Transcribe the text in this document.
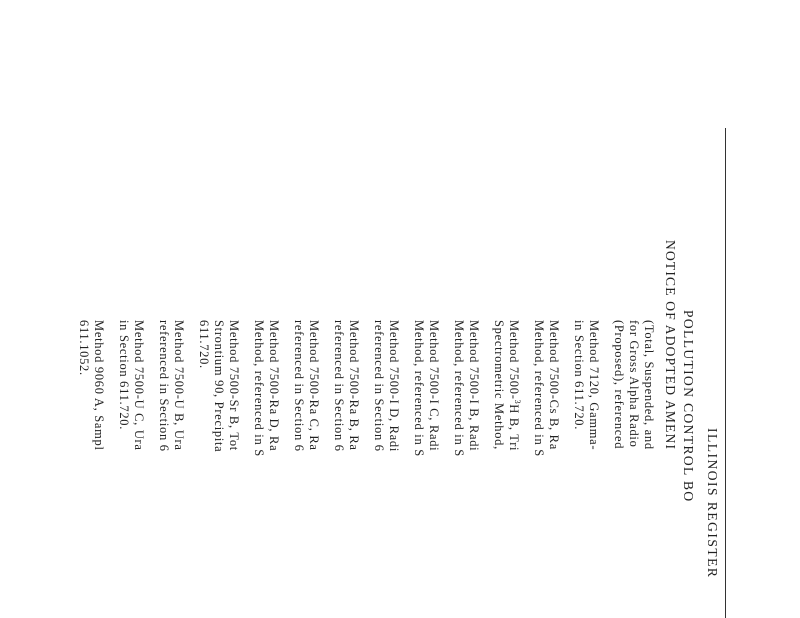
ILLINOIS REGISTER
POLLUTION CONTROL BO
NOTICE OF ADOPTED AMENI

(Total, Suspended, and

for Gross Alpha Radio

(Proposed), referenced

Method 7120, Gamma-

in Section 611.720.

Method 7500-Cs B, Ra

Method, referenced in S

Method 7500-$^3$H B, Tri

Spectrometric Method,

Method 7500-I B, Radi

Method, referenced in S

Method 7500-I C, Radi

Method, referenced in S

Method 7500-I D, Radi

referenced in Section 6

Method 7500-Ra B, Ra

referenced in Section 6

Method 7500-Ra C, Ra

referenced in Section 6

Method 7500-Ra D, Ra

Method, referenced in S

Method 7500-Sr B, Tot

Strontium 90, Precipita

611.720.

Method 7500-U B, Ura

referenced in Section 6

Method 7500-U C, Ura

in Section 611.720.

Method 9060 A, Sampl

611.1052.
